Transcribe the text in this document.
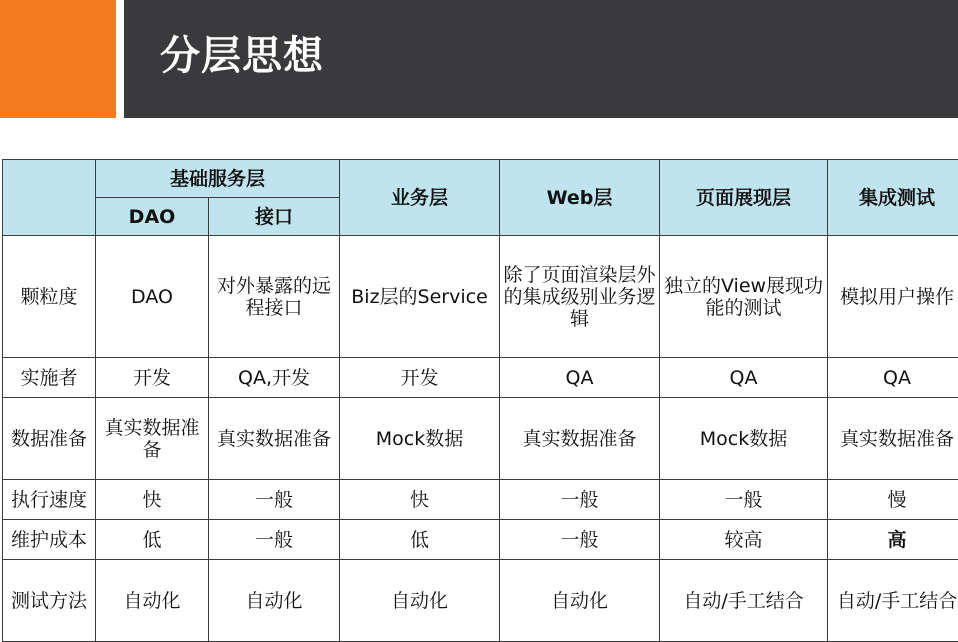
分层思想
	基础服务层		业务层	Web层	页面展现层	集成测试
	DAO	接口				
颗粒度	DAO	对外暴露的远程接口	Biz层的Service	除了页面渲染层外的集成级别业务逻辑	独立的View展现功能的测试	模拟用户操作
实施者	开发	QA,开发	开发	QA	QA	QA
数据准备	真实数据准备	真实数据准备	Mock数据	真实数据准备	Mock数据	真实数据准备
执行速度	快	一般	快	一般	一般	慢
维护成本	低	一般	低	一般	较高	高
测试方法	自动化	自动化	自动化	自动化	自动/手工结合	自动/手工结合
